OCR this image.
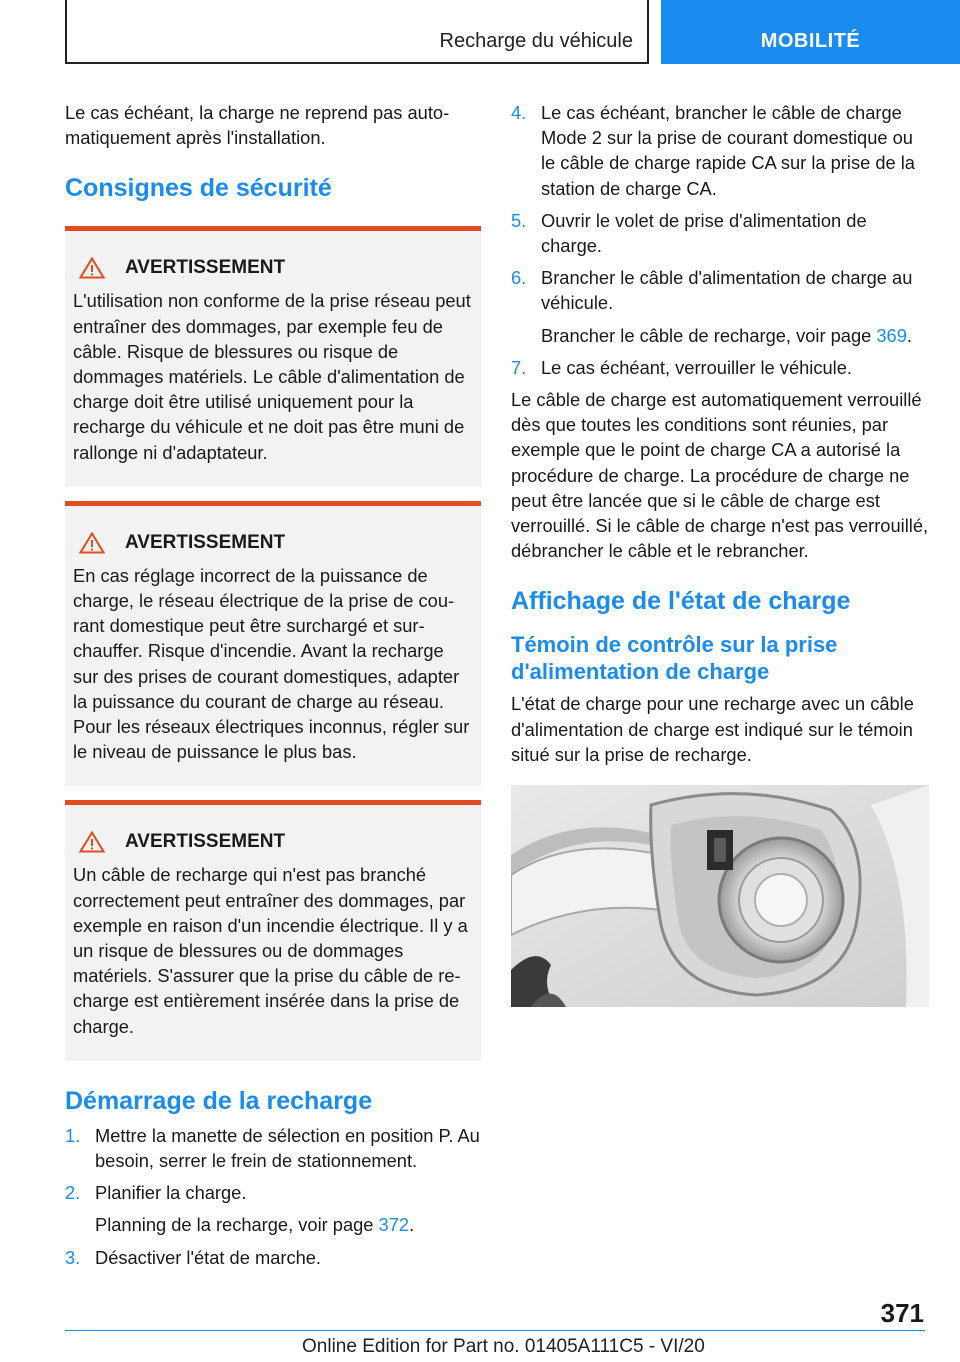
Recharge du véhicule	MOBILITÉ

Le cas échéant, la charge ne reprend pas automatiquement après l'installation.

Consignes de sécurité
AVERTISSEMENT

L'utilisation non conforme de la prise réseau peut entraîner des dommages, par exemple feu de câble. Risque de blessures ou risque de dommages matériels. Le câble d'alimentation de charge doit être utilisé uniquement pour la recharge du véhicule et ne doit pas être muni de rallonge ni d'adaptateur.

AVERTISSEMENT

En cas réglage incorrect de la puissance de charge, le réseau électrique de la prise de courant domestique peut être surchargé et surchauffer. Risque d'incendie. Avant la recharge sur des prises de courant domestiques, adapter la puissance du courant de charge au réseau. Pour les réseaux électriques inconnus, régler sur le niveau de puissance le plus bas.

AVERTISSEMENT

Un câble de recharge qui n'est pas branché correctement peut entraîner des dommages, par exemple en raison d'un incendie électrique. Il y a un risque de blessures ou de dommages matériels. S'assurer que la prise du câble de recharge est entièrement insérée dans la prise de charge.

Démarrage de la recharge
1. Mettre la manette de sélection en position P. Au besoin, serrer le frein de stationnement.
2. Planifier la charge.
Planning de la recharge, voir page 372.
3. Désactiver l'état de marche.
4. Le cas échéant, brancher le câble de charge Mode 2 sur la prise de courant domestique ou le câble de charge rapide CA sur la prise de la station de charge CA.
5. Ouvrir le volet de prise d'alimentation de charge.
6. Brancher le câble d'alimentation de charge au véhicule.
Brancher le câble de recharge, voir page 369.
7. Le cas échéant, verrouiller le véhicule.

Le câble de charge est automatiquement verrouillé dès que toutes les conditions sont réunies, par exemple que le point de charge CA a autorisé la procédure de charge. La procédure de charge ne peut être lancée que si le câble de charge est verrouillé. Si le câble de charge n'est pas verrouillé, débrancher le câble et le rebrancher.

Affichage de l'état de charge
Témoin de contrôle sur la prise d'alimentation de charge

L'état de charge pour une recharge avec un câble d'alimentation de charge est indiqué sur le témoin situé sur la prise de recharge.

371
Online Edition for Part no. 01405A111C5 - VI/20
